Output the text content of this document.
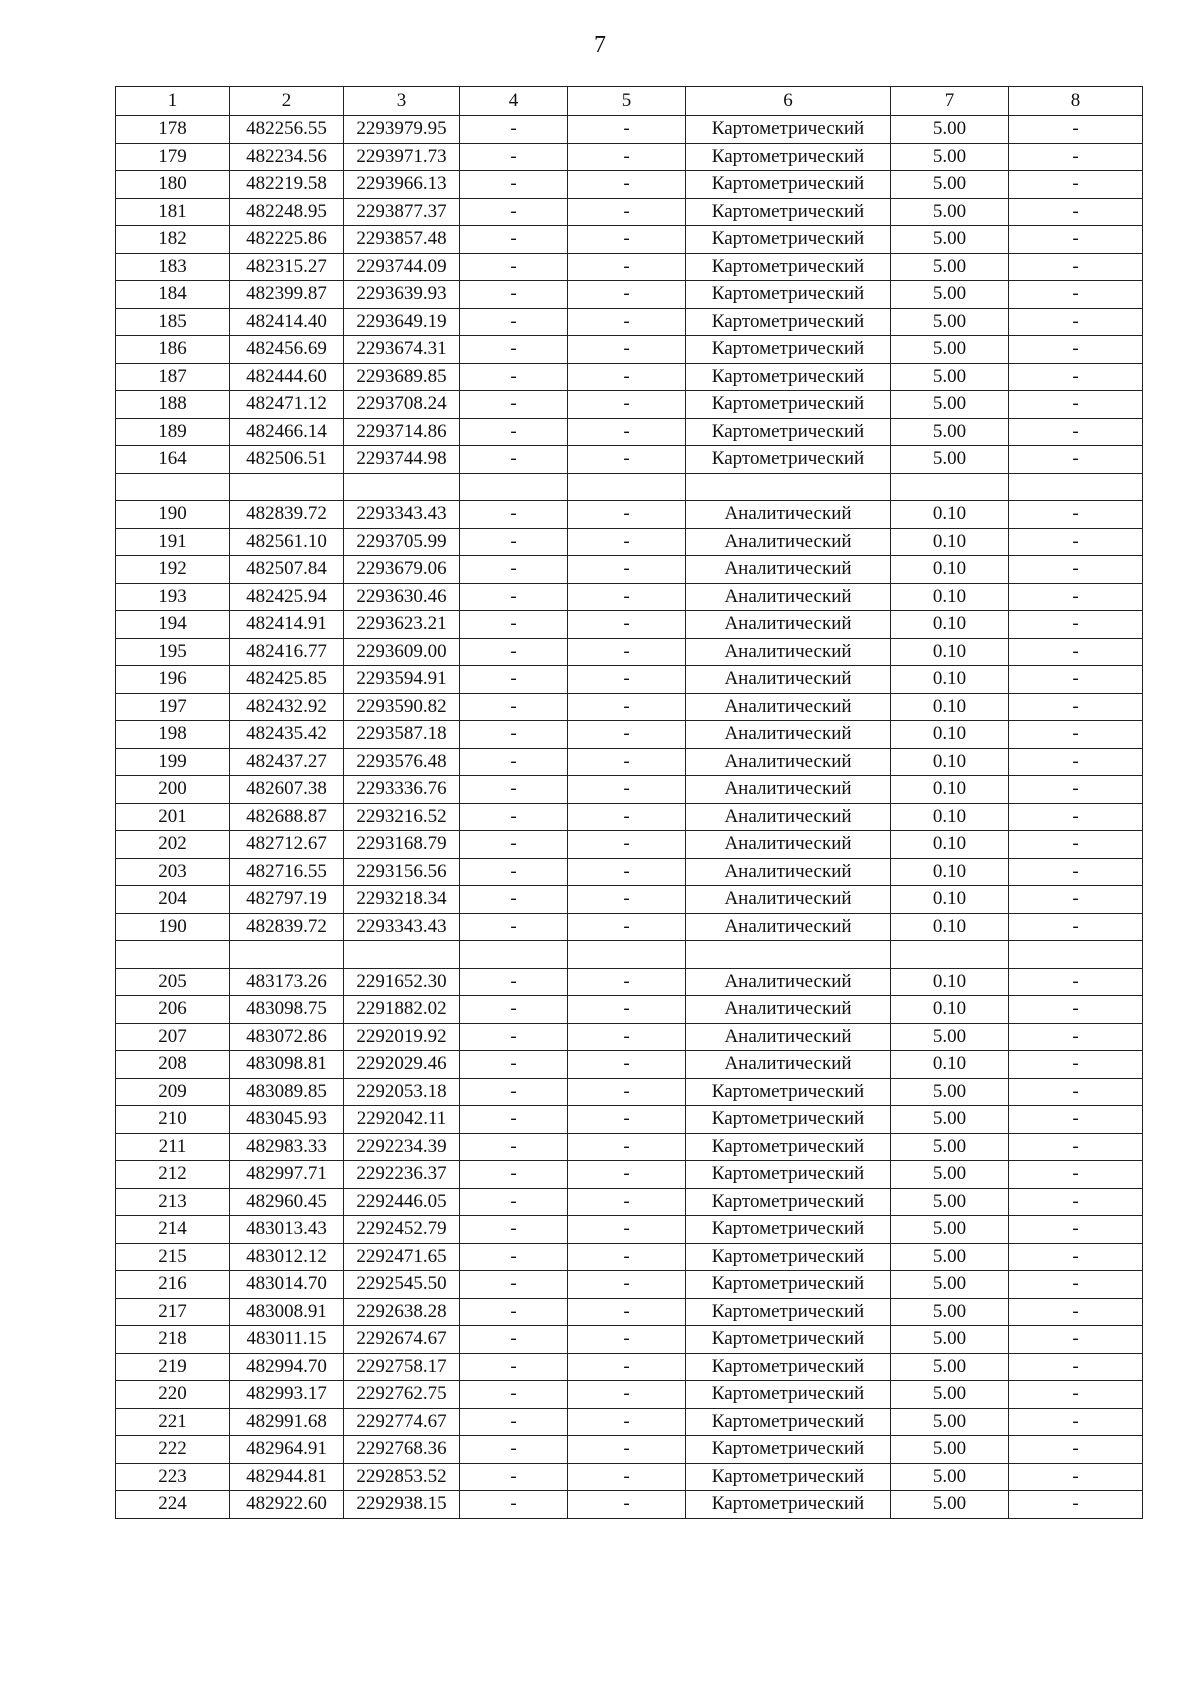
7
1	2	3	4	5	6	7	8
178	482256.55	2293979.95	-	-	Картометрический	5.00	-
179	482234.56	2293971.73	-	-	Картометрический	5.00	-
180	482219.58	2293966.13	-	-	Картометрический	5.00	-
181	482248.95	2293877.37	-	-	Картометрический	5.00	-
182	482225.86	2293857.48	-	-	Картометрический	5.00	-
183	482315.27	2293744.09	-	-	Картометрический	5.00	-
184	482399.87	2293639.93	-	-	Картометрический	5.00	-
185	482414.40	2293649.19	-	-	Картометрический	5.00	-
186	482456.69	2293674.31	-	-	Картометрический	5.00	-
187	482444.60	2293689.85	-	-	Картометрический	5.00	-
188	482471.12	2293708.24	-	-	Картометрический	5.00	-
189	482466.14	2293714.86	-	-	Картометрический	5.00	-
164	482506.51	2293744.98	-	-	Картометрический	5.00	-

190	482839.72	2293343.43	-	-	Аналитический	0.10	-
191	482561.10	2293705.99	-	-	Аналитический	0.10	-
192	482507.84	2293679.06	-	-	Аналитический	0.10	-
193	482425.94	2293630.46	-	-	Аналитический	0.10	-
194	482414.91	2293623.21	-	-	Аналитический	0.10	-
195	482416.77	2293609.00	-	-	Аналитический	0.10	-
196	482425.85	2293594.91	-	-	Аналитический	0.10	-
197	482432.92	2293590.82	-	-	Аналитический	0.10	-
198	482435.42	2293587.18	-	-	Аналитический	0.10	-
199	482437.27	2293576.48	-	-	Аналитический	0.10	-
200	482607.38	2293336.76	-	-	Аналитический	0.10	-
201	482688.87	2293216.52	-	-	Аналитический	0.10	-
202	482712.67	2293168.79	-	-	Аналитический	0.10	-
203	482716.55	2293156.56	-	-	Аналитический	0.10	-
204	482797.19	2293218.34	-	-	Аналитический	0.10	-
190	482839.72	2293343.43	-	-	Аналитический	0.10	-

205	483173.26	2291652.30	-	-	Аналитический	0.10	-
206	483098.75	2291882.02	-	-	Аналитический	0.10	-
207	483072.86	2292019.92	-	-	Аналитический	5.00	-
208	483098.81	2292029.46	-	-	Аналитический	0.10	-
209	483089.85	2292053.18	-	-	Картометрический	5.00	-
210	483045.93	2292042.11	-	-	Картометрический	5.00	-
211	482983.33	2292234.39	-	-	Картометрический	5.00	-
212	482997.71	2292236.37	-	-	Картометрический	5.00	-
213	482960.45	2292446.05	-	-	Картометрический	5.00	-
214	483013.43	2292452.79	-	-	Картометрический	5.00	-
215	483012.12	2292471.65	-	-	Картометрический	5.00	-
216	483014.70	2292545.50	-	-	Картометрический	5.00	-
217	483008.91	2292638.28	-	-	Картометрический	5.00	-
218	483011.15	2292674.67	-	-	Картометрический	5.00	-
219	482994.70	2292758.17	-	-	Картометрический	5.00	-
220	482993.17	2292762.75	-	-	Картометрический	5.00	-
221	482991.68	2292774.67	-	-	Картометрический	5.00	-
222	482964.91	2292768.36	-	-	Картометрический	5.00	-
223	482944.81	2292853.52	-	-	Картометрический	5.00	-
224	482922.60	2292938.15	-	-	Картометрический	5.00	-
